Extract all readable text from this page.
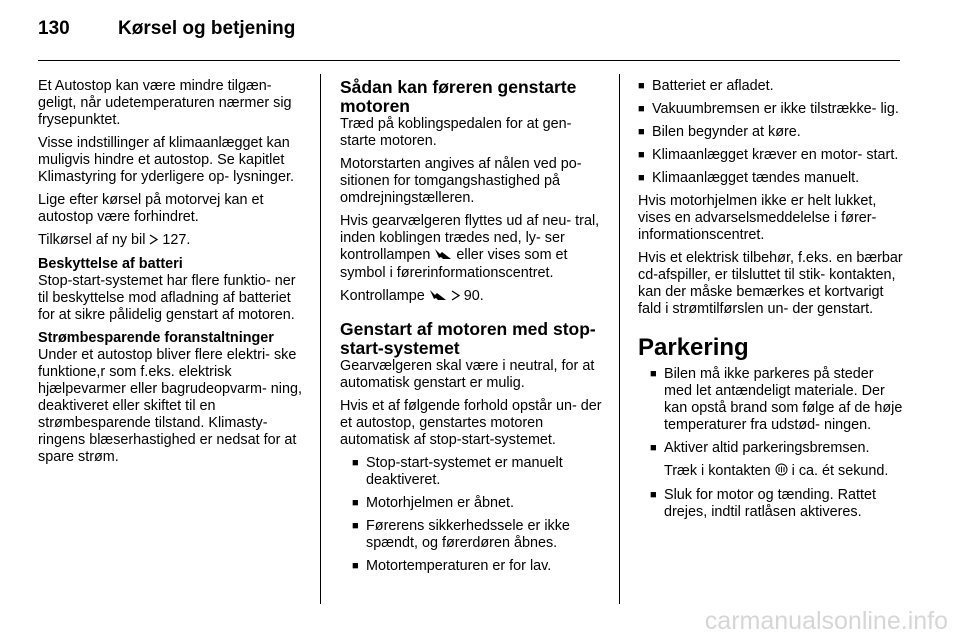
130	Kørsel og betjening

Et Autostop kan være mindre tilgæn- geligt, når udetemperaturen nærmer sig frysepunktet.

Visse indstillinger af klimaanlægget kan muligvis hindre et autostop. Se kapitlet Klimastyring for yderligere op- lysninger.

Lige efter kørsel på motorvej kan et autostop være forhindret.

Tilkørsel af ny bil  127.

Beskyttelse af batteri

Stop-start-systemet har flere funktio- ner til beskyttelse mod afladning af batteriet for at sikre pålidelig genstart af motoren.

Strømbesparende foranstaltninger

Under et autostop bliver flere elektri- ske funktione,r som f.eks. elektrisk hjælpevarmer eller bagrudeopvarm- ning, deaktiveret eller skiftet til en strømbesparende tilstand. Klimasty- ringens blæserhastighed er nedsat for at spare strøm.

Sådan kan føreren genstarte motoren

Træd på koblingspedalen for at gen- starte motoren.

Motorstarten angives af nålen ved po- sitionen for tomgangshastighed på omdrejningstælleren.

Hvis gearvælgeren flyttes ud af neu- tral, inden koblingen trædes ned, ly- ser kontrollampen  eller vises som et symbol i førerinformationscentret.

Kontrollampe   90.

Genstart af motoren med stop- start-systemet

Gearvælgeren skal være i neutral, for at automatisk genstart er mulig.

Hvis et af følgende forhold opstår un- der et autostop, genstartes motoren automatisk af stop-start-systemet.

■ Stop-start-systemet er manuelt deaktiveret.
■ Motorhjelmen er åbnet.
■ Førerens sikkerhedssele er ikke spændt, og førerdøren åbnes.
■ Motortemperaturen er for lav.
■ Batteriet er afladet.
■ Vakuumbremsen er ikke tilstrække- lig.
■ Bilen begynder at køre.
■ Klimaanlægget kræver en motor- start.
■ Klimaanlægget tændes manuelt.

Hvis motorhjelmen ikke er helt lukket, vises en advarselsmeddelelse i fører- informationscentret.

Hvis et elektrisk tilbehør, f.eks. en bærbar cd-afspiller, er tilsluttet til stik- kontakten, kan der måske bemærkes et kortvarigt fald i strømtilførslen un- der genstart.

Parkering
■ Bilen må ikke parkeres på steder med let antændeligt materiale. Der kan opstå brand som følge af de høje temperaturer fra udstød- ningen.
■ Aktiver altid parkeringsbremsen.

Træk i kontakten  i ca. ét sekund.

■ Sluk for motor og tænding. Rattet drejes, indtil ratlåsen aktiveres.
carmanualsonline.info
